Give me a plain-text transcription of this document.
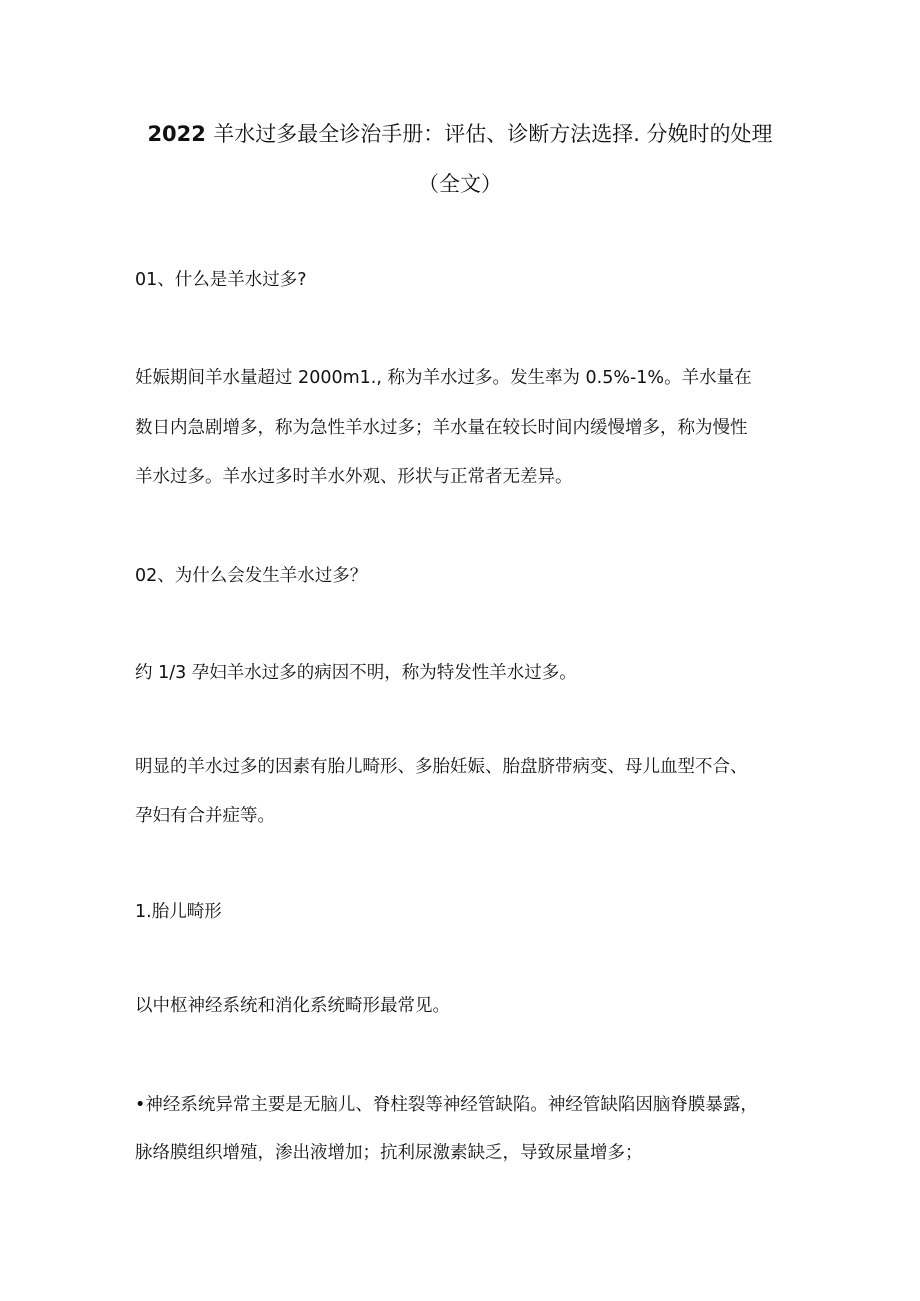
2022 羊水过多最全诊治手册：评估、诊断方法选择. 分娩时的处理
（全文）
01、什么是羊水过多?
妊娠期间羊水量超过 2000m1., 称为羊水过多。发生率为 0.5%-1%。羊水量在
数日内急剧增多，称为急性羊水过多；羊水量在较长时间内缓慢增多，称为慢性
羊水过多。羊水过多时羊水外观、形状与正常者无差异。
02、为什么会发生羊水过多？
约 1/3 孕妇羊水过多的病因不明，称为特发性羊水过多。
明显的羊水过多的因素有胎儿畸形、多胎妊娠、胎盘脐带病变、母儿血型不合、
孕妇有合并症等。
1.胎儿畸形
以中枢神经系统和消化系统畸形最常见。
•神经系统异常主要是无脑儿、脊柱裂等神经管缺陷。神经管缺陷因脑脊膜暴露，
脉络膜组织增殖，渗出液增加；抗利尿激素缺乏，导致尿量增多；
